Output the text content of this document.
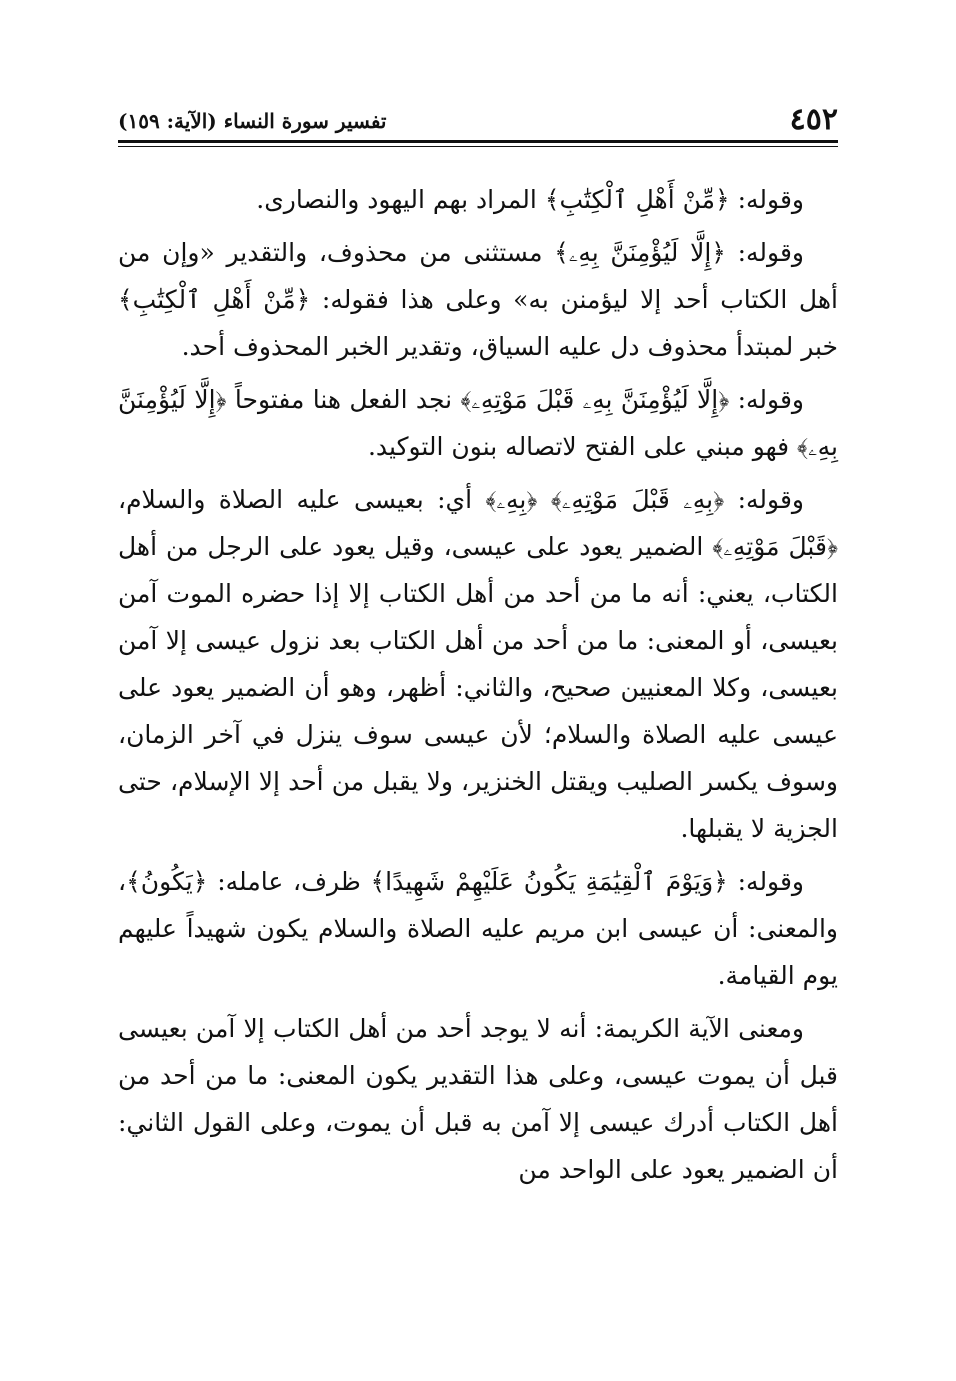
٤٥٢
تفسير سورة النساء (الآية: ١٥٩)

وقوله: ﴿مِّنْ أَهْلِ ٱلْكِتَٰبِ﴾ المراد بهم اليهود والنصارى.

وقوله: ﴿إِلَّا لَيُؤْمِنَنَّ بِهِۦ﴾ مستثنى من محذوف، والتقدير «وإن من أهل الكتاب أحد إلا ليؤمنن به» وعلى هذا فقوله: ﴿مِّنْ أَهْلِ ٱلْكِتَٰبِ﴾ خبر لمبتدأ محذوف دل عليه السياق، وتقدير الخبر المحذوف أحد.

وقوله: ﴿إِلَّا لَيُؤْمِنَنَّ بِهِۦ قَبْلَ مَوْتِهِۦ﴾ نجد الفعل هنا مفتوحاً ﴿إِلَّا لَيُؤْمِنَنَّ بِهِۦ﴾ فهو مبني على الفتح لاتصاله بنون التوكيد.

وقوله: ﴿بِهِۦ قَبْلَ مَوْتِهِۦ﴾ ﴿بِهِۦ﴾ أي: بعيسى عليه الصلاة والسلام، ﴿قَبْلَ مَوْتِهِۦ﴾ الضمير يعود على عيسى، وقيل يعود على الرجل من أهل الكتاب، يعني: أنه ما من أحد من أهل الكتاب إلا إذا حضره الموت آمن بعيسى، أو المعنى: ما من أحد من أهل الكتاب بعد نزول عيسى إلا آمن بعيسى، وكلا المعنيين صحيح، والثاني: أظهر، وهو أن الضمير يعود على عيسى عليه الصلاة والسلام؛ لأن عيسى سوف ينزل في آخر الزمان، وسوف يكسر الصليب ويقتل الخنزير، ولا يقبل من أحد إلا الإسلام، حتى الجزية لا يقبلها.

وقوله: ﴿وَيَوْمَ ٱلْقِيَٰمَةِ يَكُونُ عَلَيْهِمْ شَهِيدًا﴾ ظرف، عامله: ﴿يَكُونُ﴾، والمعنى: أن عيسى ابن مريم عليه الصلاة والسلام يكون شهيداً عليهم يوم القيامة.

ومعنى الآية الكريمة: أنه لا يوجد أحد من أهل الكتاب إلا آمن بعيسى قبل أن يموت عيسى، وعلى هذا التقدير يكون المعنى: ما من أحد من أهل الكتاب أدرك عيسى إلا آمن به قبل أن يموت، وعلى القول الثاني: أن الضمير يعود على الواحد من
